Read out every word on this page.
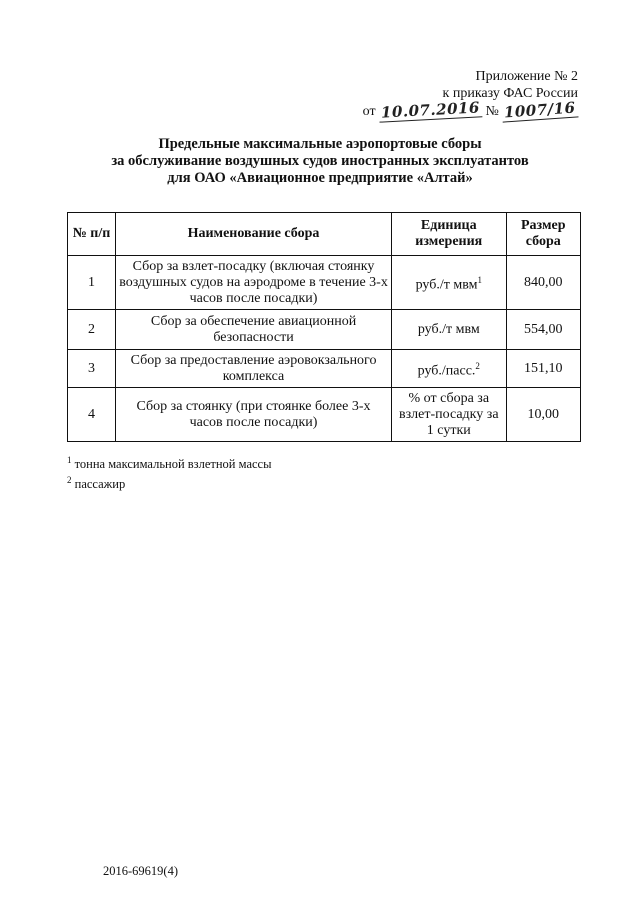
Приложение № 2
к приказу ФАС России
от 10.07.2016 № 1007/16
Предельные максимальные аэропортовые сборы
за обслуживание воздушных судов иностранных эксплуатантов
для ОАО «Авиационное предприятие «Алтай»
№ п/п	Наименование сбора	Единица измерения	Размер сбора
1	Сбор за взлет-посадку (включая стоянку воздушных судов на аэродроме в течение 3-х часов после посадки)	руб./т мвм$^1$	840,00
2	Сбор за обеспечение авиационной безопасности	руб./т мвм	554,00
3	Сбор за предоставление аэровокзального комплекса	руб./пасс.$^2$	151,10
4	Сбор за стоянку (при стоянке более 3-х часов после посадки)	% от сбора за взлет-посадку за 1 сутки	10,00
$^1$ тонна максимальной взлетной массы
$^2$ пассажир
2016-69619(4)
